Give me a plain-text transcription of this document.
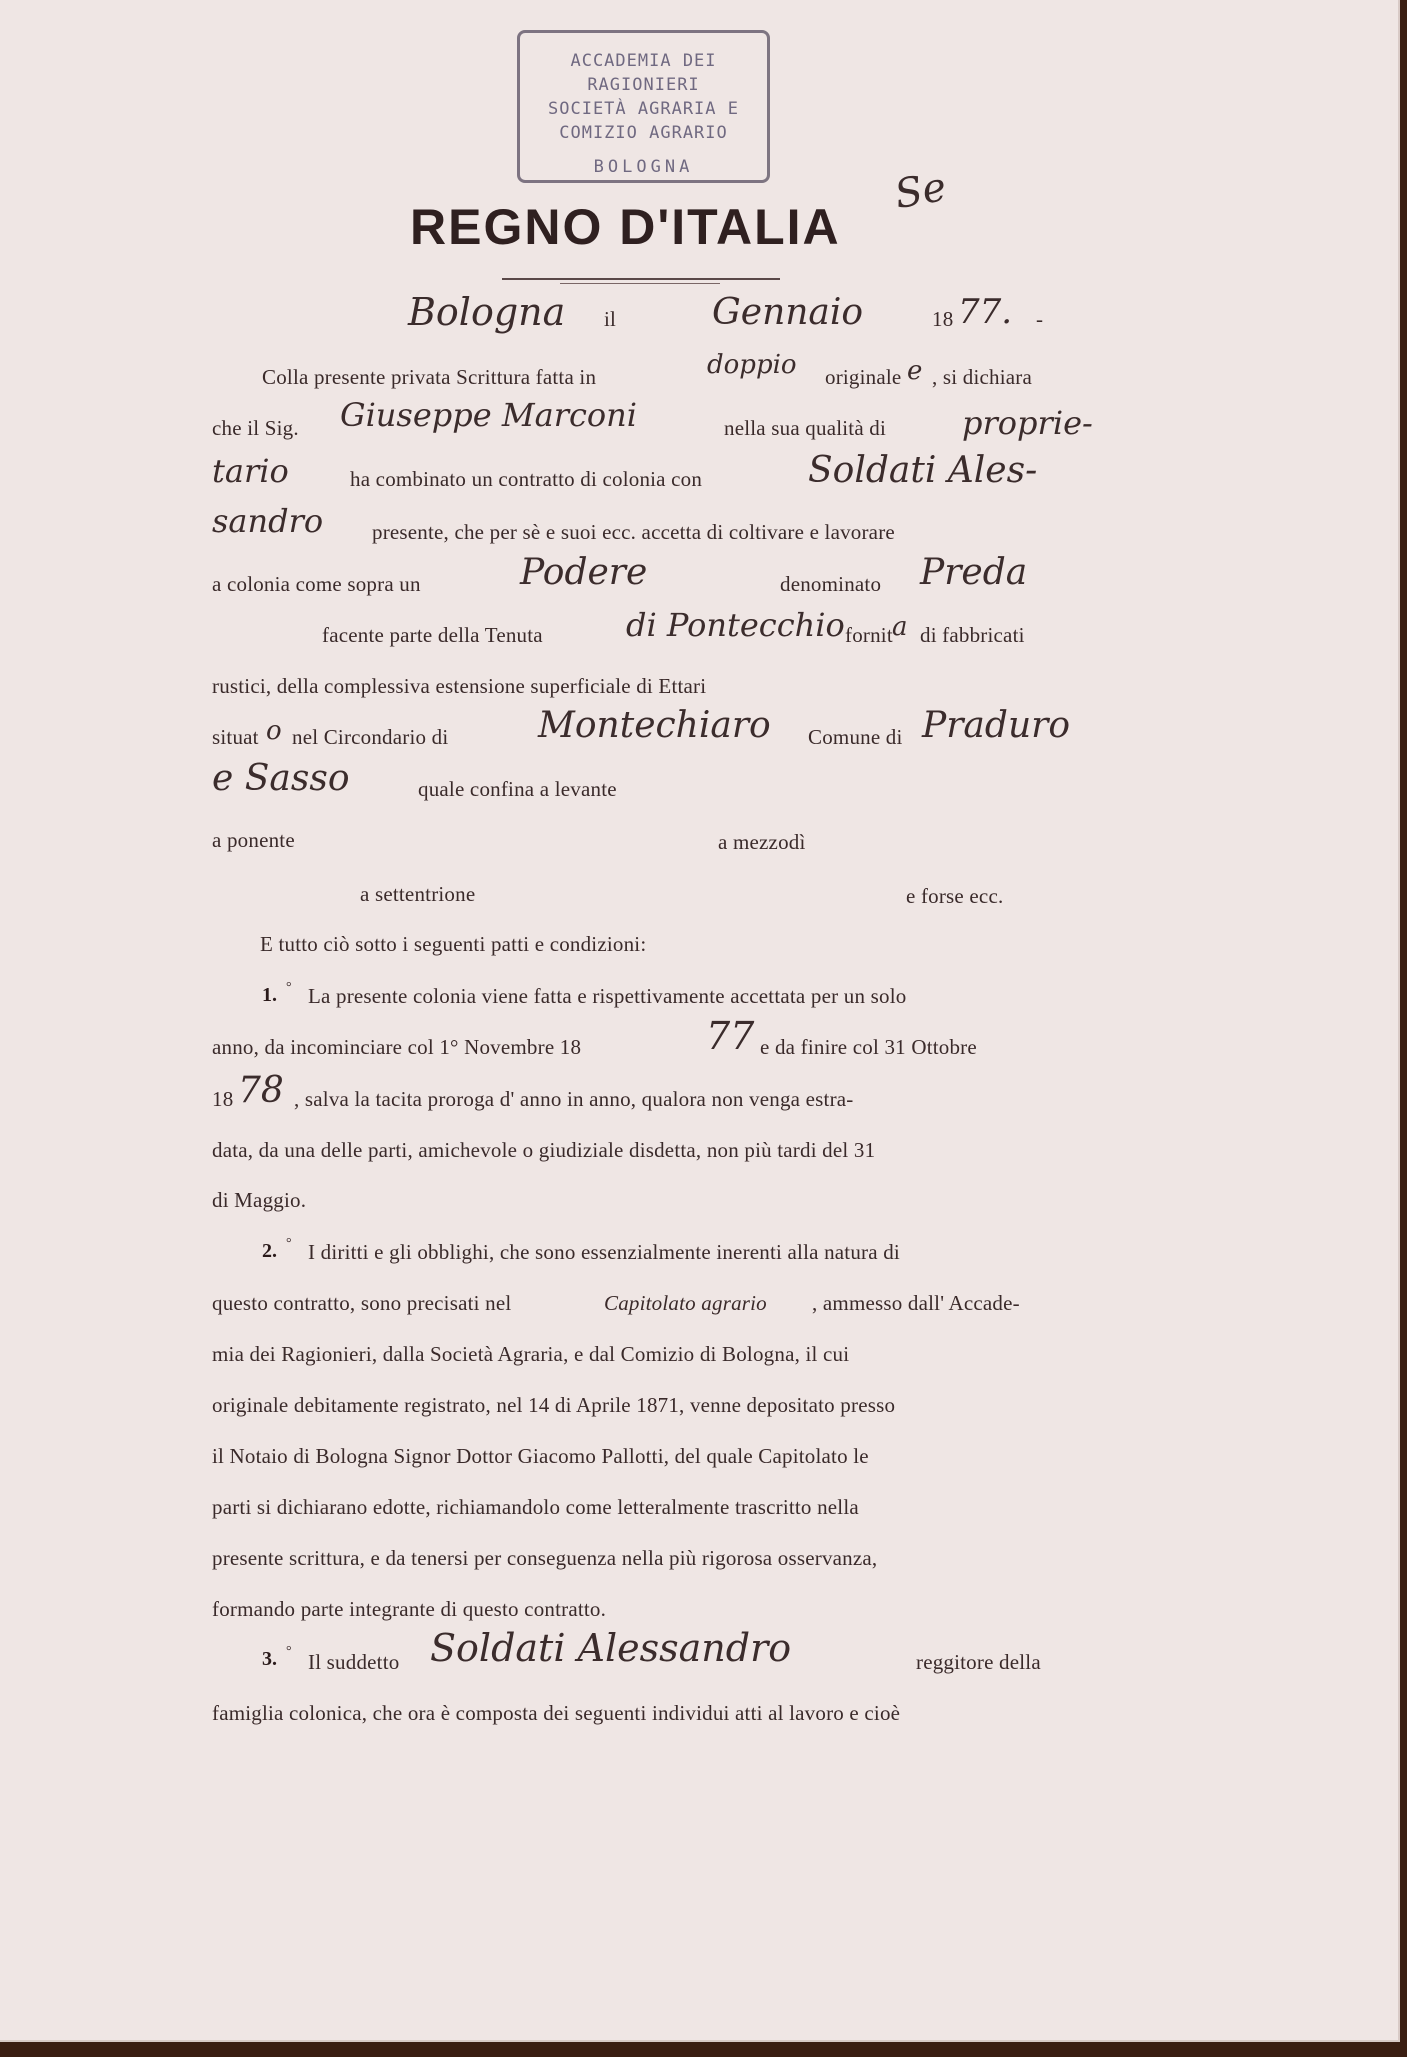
ACCADEMIA DEI RAGIONIERI
SOCIETÀ AGRARIA E
COMIZIO AGRARIO
BOLOGNA	Se
REGNO D'ITALIA
Bologna il	Gennaio	18 77. -
Colla presente privata Scrittura fatta in	doppio originale e , si dichiara
che il Sig. Giuseppe Marconi	nella sua qualità di proprie-
tario	ha combinato un contratto di colonia con	Soldati Ales-
sandro presente, che per sè e suoi ecc. accetta di coltivare e lavorare
a colonia come sopra un	Podere	denominato Preda
facente parte della Tenuta	di Pontecchio fornit a di fabbricati
rustici, della complessiva estensione superficiale di Ettari
situat o nel Circondario di Montechiaro Comune di Praduro
e Sasso	quale confina a levante
a ponente	a mezzodì
a settentrione	e forse ecc.
E tutto ciò sotto i seguenti patti e condizioni:
1. ° La presente colonia viene fatta e rispettivamente accettata per un solo
anno, da incominciare col 1° Novembre 18	77 e da finire col 31 Ottobre
18 78 , salva la tacita proroga d' anno in anno, qualora non venga estra-
data, da una delle parti, amichevole o giudiziale disdetta, non più tardi del 31
di Maggio.
2. ° I diritti e gli obblighi, che sono essenzialmente inerenti alla natura di
questo contratto, sono precisati nel	Capitolato agrario , ammesso dall' Accade-
mia dei Ragionieri, dalla Società Agraria, e dal Comizio di Bologna, il cui
originale debitamente registrato, nel 14 di Aprile 1871, venne depositato presso
il Notaio di Bologna Signor Dottor Giacomo Pallotti, del quale Capitolato le
parti si dichiarano edotte, richiamandolo come letteralmente trascritto nella
presente scrittura, e da tenersi per conseguenza nella più rigorosa osservanza,
formando parte integrante di questo contratto.
3. ° Il suddetto Soldati Alessandro	reggitore della
famiglia colonica, che ora è composta dei seguenti individui atti al lavoro e cioè
